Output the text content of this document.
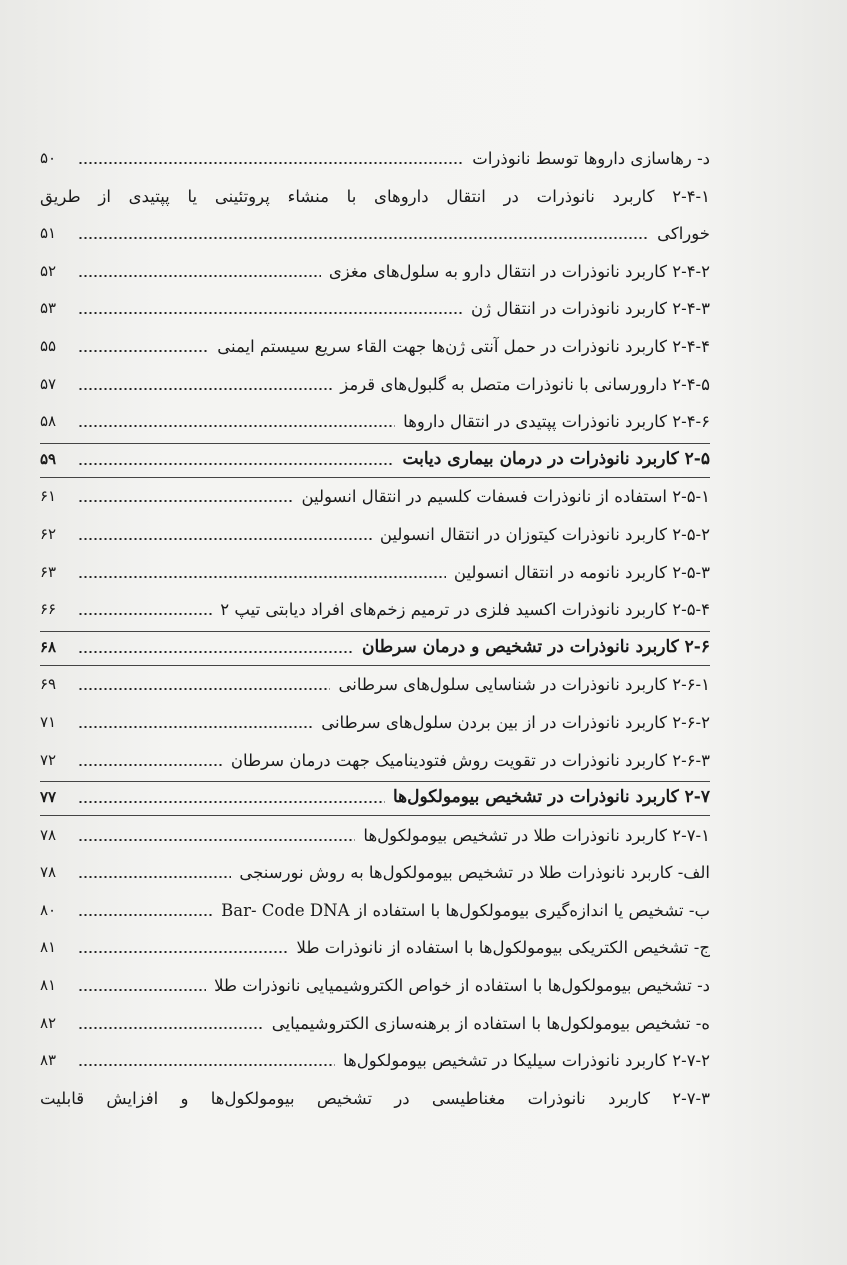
د- رهاسازی داروها توسط نانوذرات
۵۰
۲-۴-۱ کاربرد نانوذرات در انتقال داروهای با منشاء پروتئینی یا پپتیدی از طریق
خوراکی
۵۱
۲-۴-۲ کاربرد نانوذرات در انتقال دارو به سلول‌های مغزی
۵۲
۲-۴-۳ کاربرد نانوذرات در انتقال ژن
۵۳
۲-۴-۴ کاربرد نانوذرات در حمل آنتی ژن‌ها جهت القاء سریع سیستم ایمنی
۵۵
۲-۴-۵ دارورسانی با نانوذرات متصل به گلبول‌های قرمز
۵۷
۲-۴-۶ کاربرد نانوذرات پپتیدی در انتقال داروها
۵۸
۲-۵ کاربرد نانوذرات در درمان بیماری دیابت
۵۹
۲-۵-۱ استفاده از نانوذرات فسفات کلسیم در انتقال انسولین
۶۱
۲-۵-۲ کاربرد نانوذرات کیتوزان در انتقال انسولین
۶۲
۲-۵-۳ کاربرد نانومه در انتقال انسولین
۶۳
۲-۵-۴ کاربرد نانوذرات اکسید فلزی در ترمیم زخم‌های افراد دیابتی تیپ ۲
۶۶
۲-۶ کاربرد نانوذرات در تشخیص و درمان سرطان
۶۸
۲-۶-۱ کاربرد نانوذرات در شناسایی سلول‌های سرطانی
۶۹
۲-۶-۲ کاربرد نانوذرات در از بین بردن سلول‌های سرطانی
۷۱
۲-۶-۳ کاربرد نانوذرات در تقویت روش فتودینامیک جهت درمان سرطان
۷۲
۲-۷ کاربرد نانوذرات در تشخیص بیومولکول‌ها
۷۷
۲-۷-۱ کاربرد نانوذرات طلا در تشخیص بیومولکول‌ها
۷۸
الف- کاربرد نانوذرات طلا در تشخیص بیومولکول‌ها به روش نورسنجی
۷۸
ب- تشخیص یا اندازه‌گیری بیومولکول‌ها با استفاده از Bar- Code DNA
۸۰
ج- تشخیص الکتریکی بیومولکول‌ها با استفاده از نانوذرات طلا
۸۱
د- تشخیص بیومولکول‌ها با استفاده از خواص الکتروشیمیایی نانوذرات طلا
۸۱
ه- تشخیص بیومولکول‌ها با استفاده از برهنه‌سازی الکتروشیمیایی
۸۲
۲-۷-۲ کاربرد نانوذرات سیلیکا در تشخیص بیومولکول‌ها
۸۳
۲-۷-۳ کاربرد نانوذرات مغناطیسی در تشخیص بیومولکول‌ها و افزایش قابلیت
